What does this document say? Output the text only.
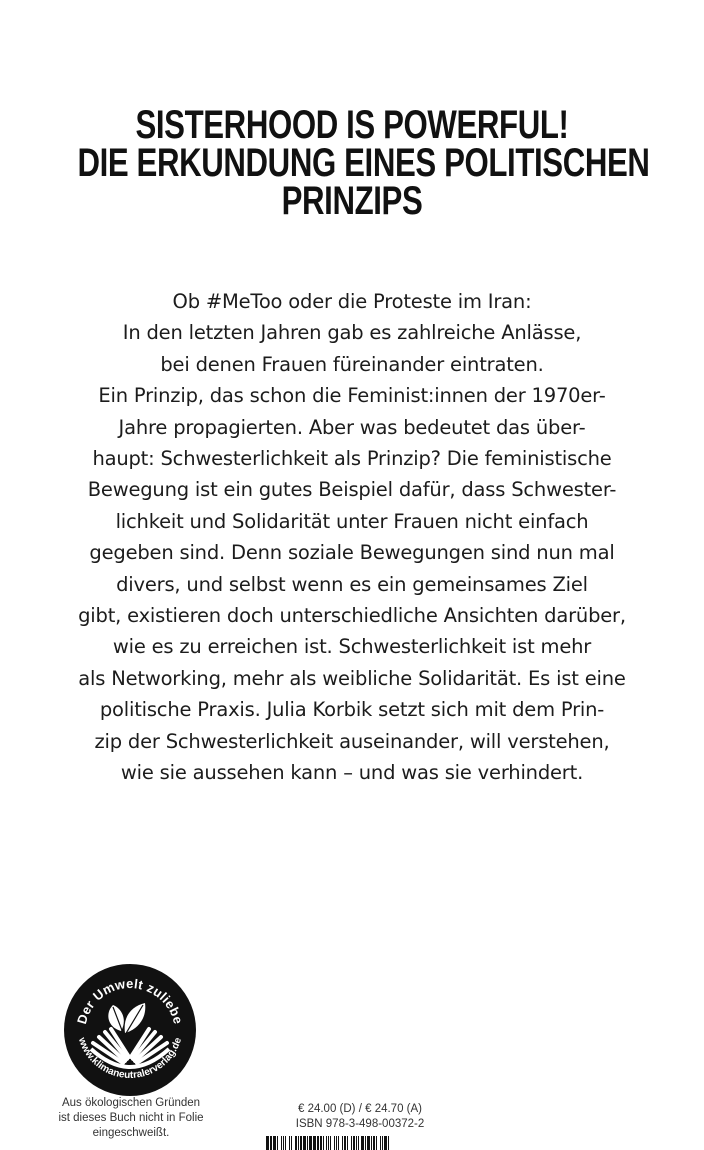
SISTERHOOD IS POWERFUL!
DIE ERKUNDUNG EINES POLITISCHEN
PRINZIPS
Ob #MeToo oder die Proteste im Iran:
In den letzten Jahren gab es zahlreiche Anlässe,
bei denen Frauen füreinander eintraten.
Ein Prinzip, das schon die Feminist:innen der 1970er-
Jahre propagierten. Aber was bedeutet das über-
haupt: Schwesterlichkeit als Prinzip? Die feministische
Bewegung ist ein gutes Beispiel dafür, dass Schwester-
lichkeit und Solidarität unter Frauen nicht einfach
gegeben sind. Denn soziale Bewegungen sind nun mal
divers, und selbst wenn es ein gemeinsames Ziel
gibt, existieren doch unterschiedliche Ansichten darüber,
wie es zu erreichen ist. Schwesterlichkeit ist mehr
als Networking, mehr als weibliche Solidarität. Es ist eine
politische Praxis. Julia Korbik setzt sich mit dem Prin-
zip der Schwesterlichkeit auseinander, will verstehen,
wie sie aussehen kann – und was sie verhindert.
Der Umwelt zuliebe
www.klimaneutralerverlag.de
Aus ökologischen Gründen
ist dieses Buch nicht in Folie
eingeschweißt.
€ 24.00 (D) / € 24.70 (A)
ISBN 978-3-498-00372-2
